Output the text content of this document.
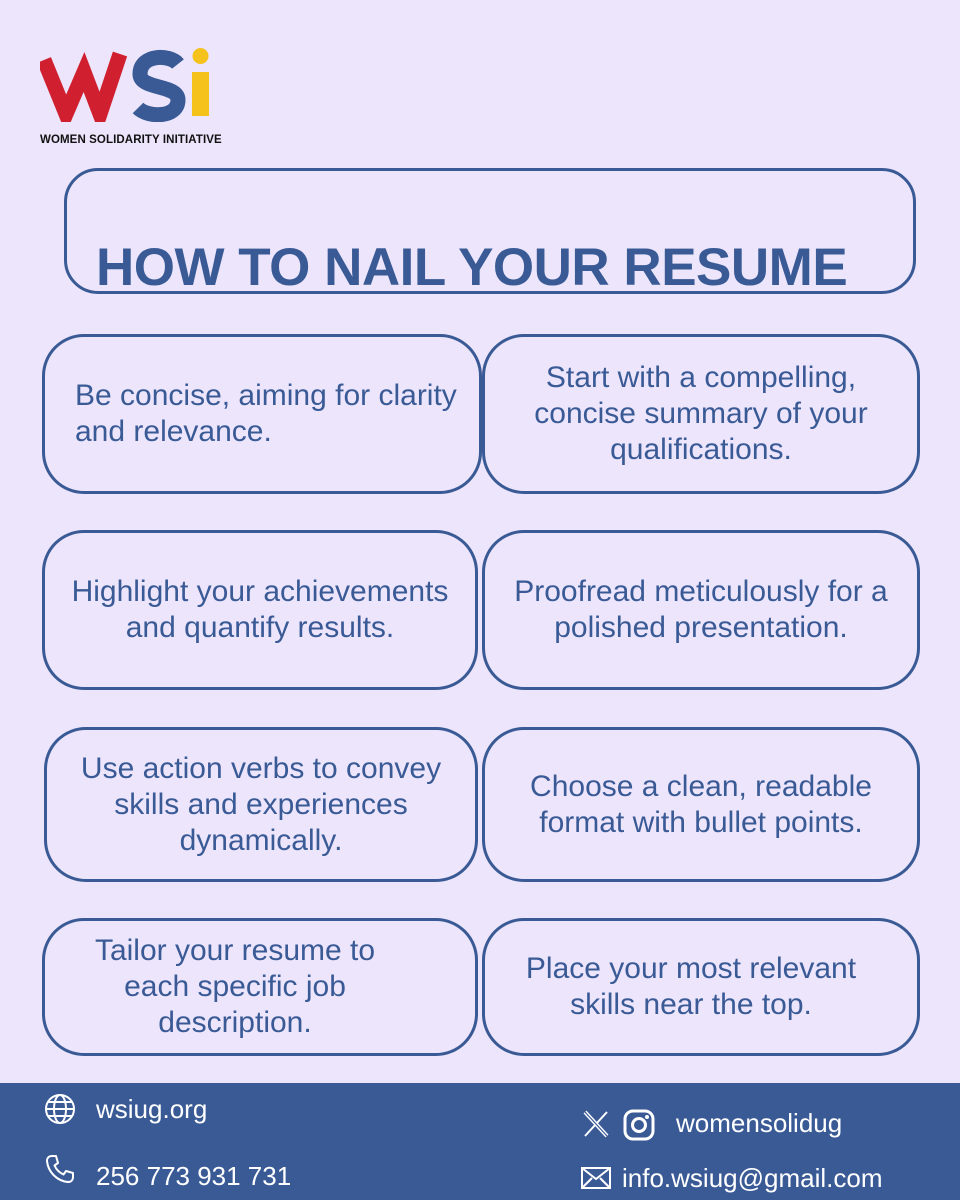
WOMEN SOLIDARITY INITIATIVE
HOW TO NAIL YOUR RESUME
Be concise, aiming for clarity and relevance.
Start with a compelling, concise summary of your qualifications.
Highlight your achievements and quantify results.
Proofread meticulously for a polished presentation.
Use action verbs to convey skills and experiences dynamically.
Choose a clean, readable format with bullet points.
Tailor your resume to each specific job description.
Place your most relevant skills near the top.
wsiug.org
256 773 931 731
womensolidug
info.wsiug@gmail.com
